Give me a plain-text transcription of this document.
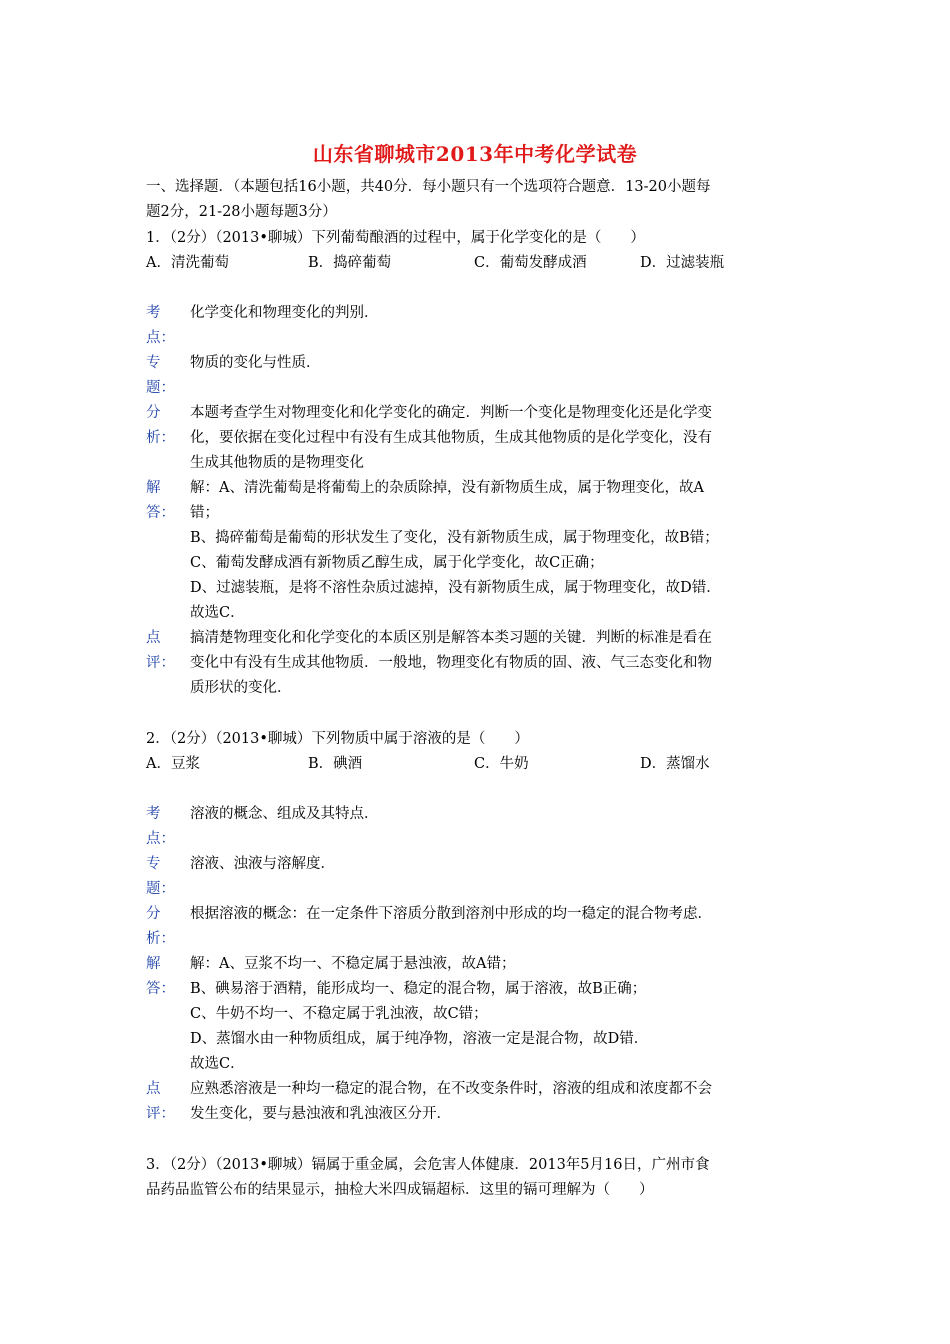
山东省聊城市2013年中考化学试卷
一、选择题．（本题包括16小题，共40分．每小题只有一个选项符合题意．13-20小题每
题2分，21-28小题每题3分）
1．（2分）（2013•聊城）下列葡萄酿酒的过程中，属于化学变化的是（　　）
A．清洗葡萄	B．捣碎葡萄	C．葡萄发酵成酒	D．过滤装瓶
考
点：
化学变化和物理变化的判别．
专
题：
物质的变化与性质．
分
析：
本题考查学生对物理变化和化学变化的确定．判断一个变化是物理变化还是化学变
化，要依据在变化过程中有没有生成其他物质，生成其他物质的是化学变化，没有
生成其他物质的是物理变化
解
答：
解：A、清洗葡萄是将葡萄上的杂质除掉，没有新物质生成，属于物理变化，故A
错；
B、捣碎葡萄是葡萄的形状发生了变化，没有新物质生成，属于物理变化，故B错；
C、葡萄发酵成酒有新物质乙醇生成，属于化学变化，故C正确；
D、过滤装瓶，是将不溶性杂质过滤掉，没有新物质生成，属于物理变化，故D错．
故选C．
点
评：
搞清楚物理变化和化学变化的本质区别是解答本类习题的关键．判断的标准是看在
变化中有没有生成其他物质．一般地，物理变化有物质的固、液、气三态变化和物
质形状的变化．
2．（2分）（2013•聊城）下列物质中属于溶液的是（　　）
A．豆浆	B．碘酒	C．牛奶	D．蒸馏水
考
点：
溶液的概念、组成及其特点．
专
题：
溶液、浊液与溶解度．
分
析：
根据溶液的概念：在一定条件下溶质分散到溶剂中形成的均一稳定的混合物考虑．
解
答：
解：A、豆浆不均一、不稳定属于悬浊液，故A错；
B、碘易溶于酒精，能形成均一、稳定的混合物，属于溶液，故B正确；
C、牛奶不均一、不稳定属于乳浊液，故C错；
D、蒸馏水由一种物质组成，属于纯净物，溶液一定是混合物，故D错．
故选C．
点
评：
应熟悉溶液是一种均一稳定的混合物，在不改变条件时，溶液的组成和浓度都不会
发生变化，要与悬浊液和乳浊液区分开．
3．（2分）（2013•聊城）镉属于重金属，会危害人体健康．2013年5月16日，广州市食
品药品监管公布的结果显示，抽检大米四成镉超标．这里的镉可理解为（　　）
